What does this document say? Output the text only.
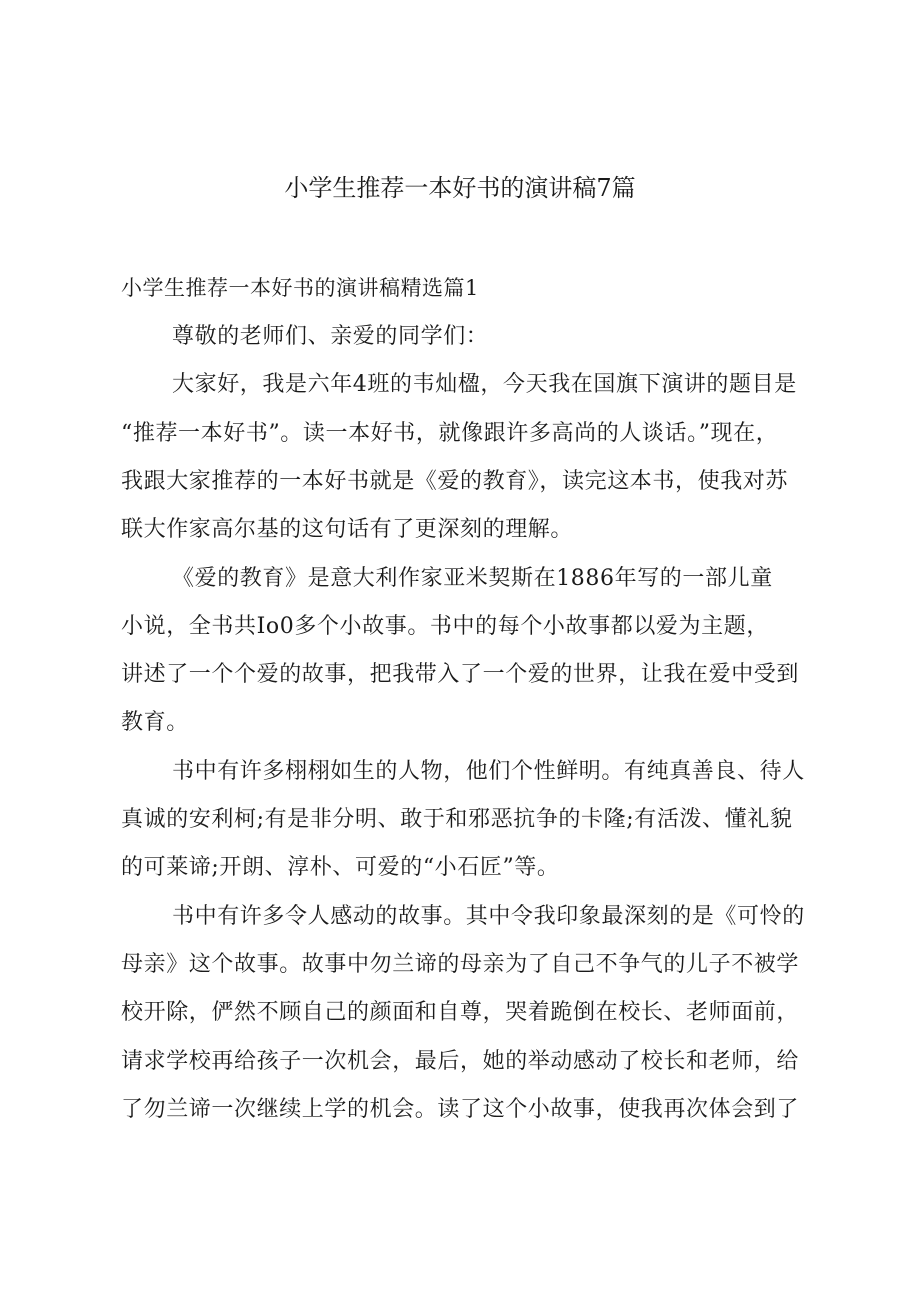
小学生推荐一本好书的演讲稿7篇
小学生推荐一本好书的演讲稿精选篇1
尊敬的老师们、亲爱的同学们：
大家好，我是六年4班的韦灿楹，今天我在国旗下演讲的题目是
“推荐一本好书”。读一本好书，就像跟许多高尚的人谈话。”现在，
我跟大家推荐的一本好书就是《爱的教育》，读完这本书，使我对苏
联大作家高尔基的这句话有了更深刻的理解。
《爱的教育》是意大利作家亚米契斯在1886年写的一部儿童
小说，全书共Io0多个小故事。书中的每个小故事都以爱为主题，
讲述了一个个爱的故事，把我带入了一个爱的世界，让我在爱中受到
教育。
书中有许多栩栩如生的人物，他们个性鲜明。有纯真善良、待人
真诚的安利柯;有是非分明、敢于和邪恶抗争的卡隆;有活泼、懂礼貌
的可莱谛;开朗、淳朴、可爱的“小石匠”等。
书中有许多令人感动的故事。其中令我印象最深刻的是《可怜的
母亲》这个故事。故事中勿兰谛的母亲为了自己不争气的儿子不被学
校开除，俨然不顾自己的颜面和自尊，哭着跪倒在校长、老师面前，
请求学校再给孩子一次机会，最后，她的举动感动了校长和老师，给
了勿兰谛一次继续上学的机会。读了这个小故事，使我再次体会到了
